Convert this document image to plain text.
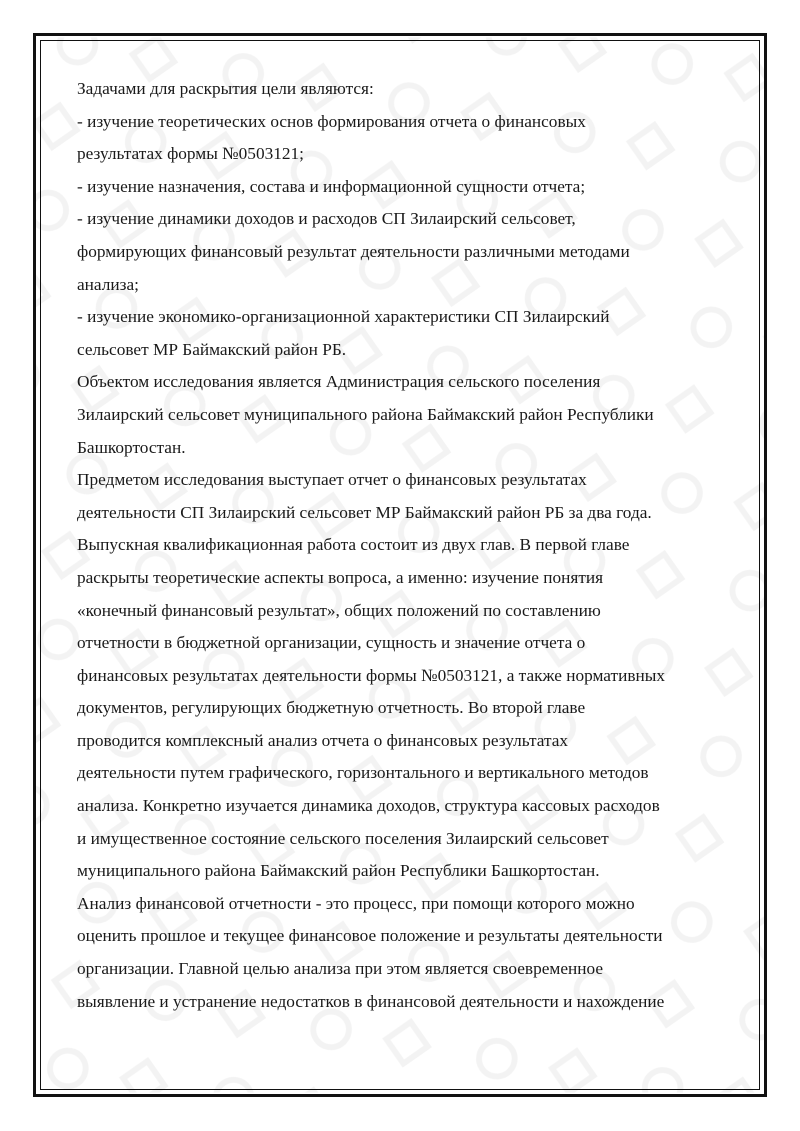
Задачами для раскрытия цели являются:
- изучение теоретических основ формирования отчета о финансовых
результатах формы №0503121;
- изучение назначения, состава и информационной сущности отчета;
- изучение динамики доходов и расходов СП Зилаирский сельсовет,
формирующих финансовый результат деятельности различными методами
анализа;
- изучение экономико-организационной характеристики СП Зилаирский
сельсовет МР Баймакский район РБ.
Объектом исследования является Администрация сельского поселения
Зилаирский сельсовет муниципального района Баймакский район Республики
Башкортостан.
Предметом исследования выступает отчет о финансовых результатах
деятельности СП Зилаирский сельсовет МР Баймакский район РБ за два года.
Выпускная квалификационная работа состоит из двух глав. В первой главе
раскрыты теоретические аспекты вопроса, а именно: изучение понятия
«конечный финансовый результат», общих положений по составлению
отчетности в бюджетной организации, сущность и значение отчета о
финансовых результатах деятельности формы №0503121, а также нормативных
документов, регулирующих бюджетную отчетность. Во второй главе
проводится комплексный анализ отчета о финансовых результатах
деятельности путем графического, горизонтального и вертикального методов
анализа. Конкретно изучается динамика доходов, структура кассовых расходов
и имущественное состояние сельского поселения Зилаирский сельсовет
муниципального района Баймакский район Республики Башкортостан.
Анализ финансовой отчетности - это процесс, при помощи которого можно
оценить прошлое и текущее финансовое положение и результаты деятельности
организации. Главной целью анализа при этом является своевременное
выявление и устранение недостатков в финансовой деятельности и нахождение
